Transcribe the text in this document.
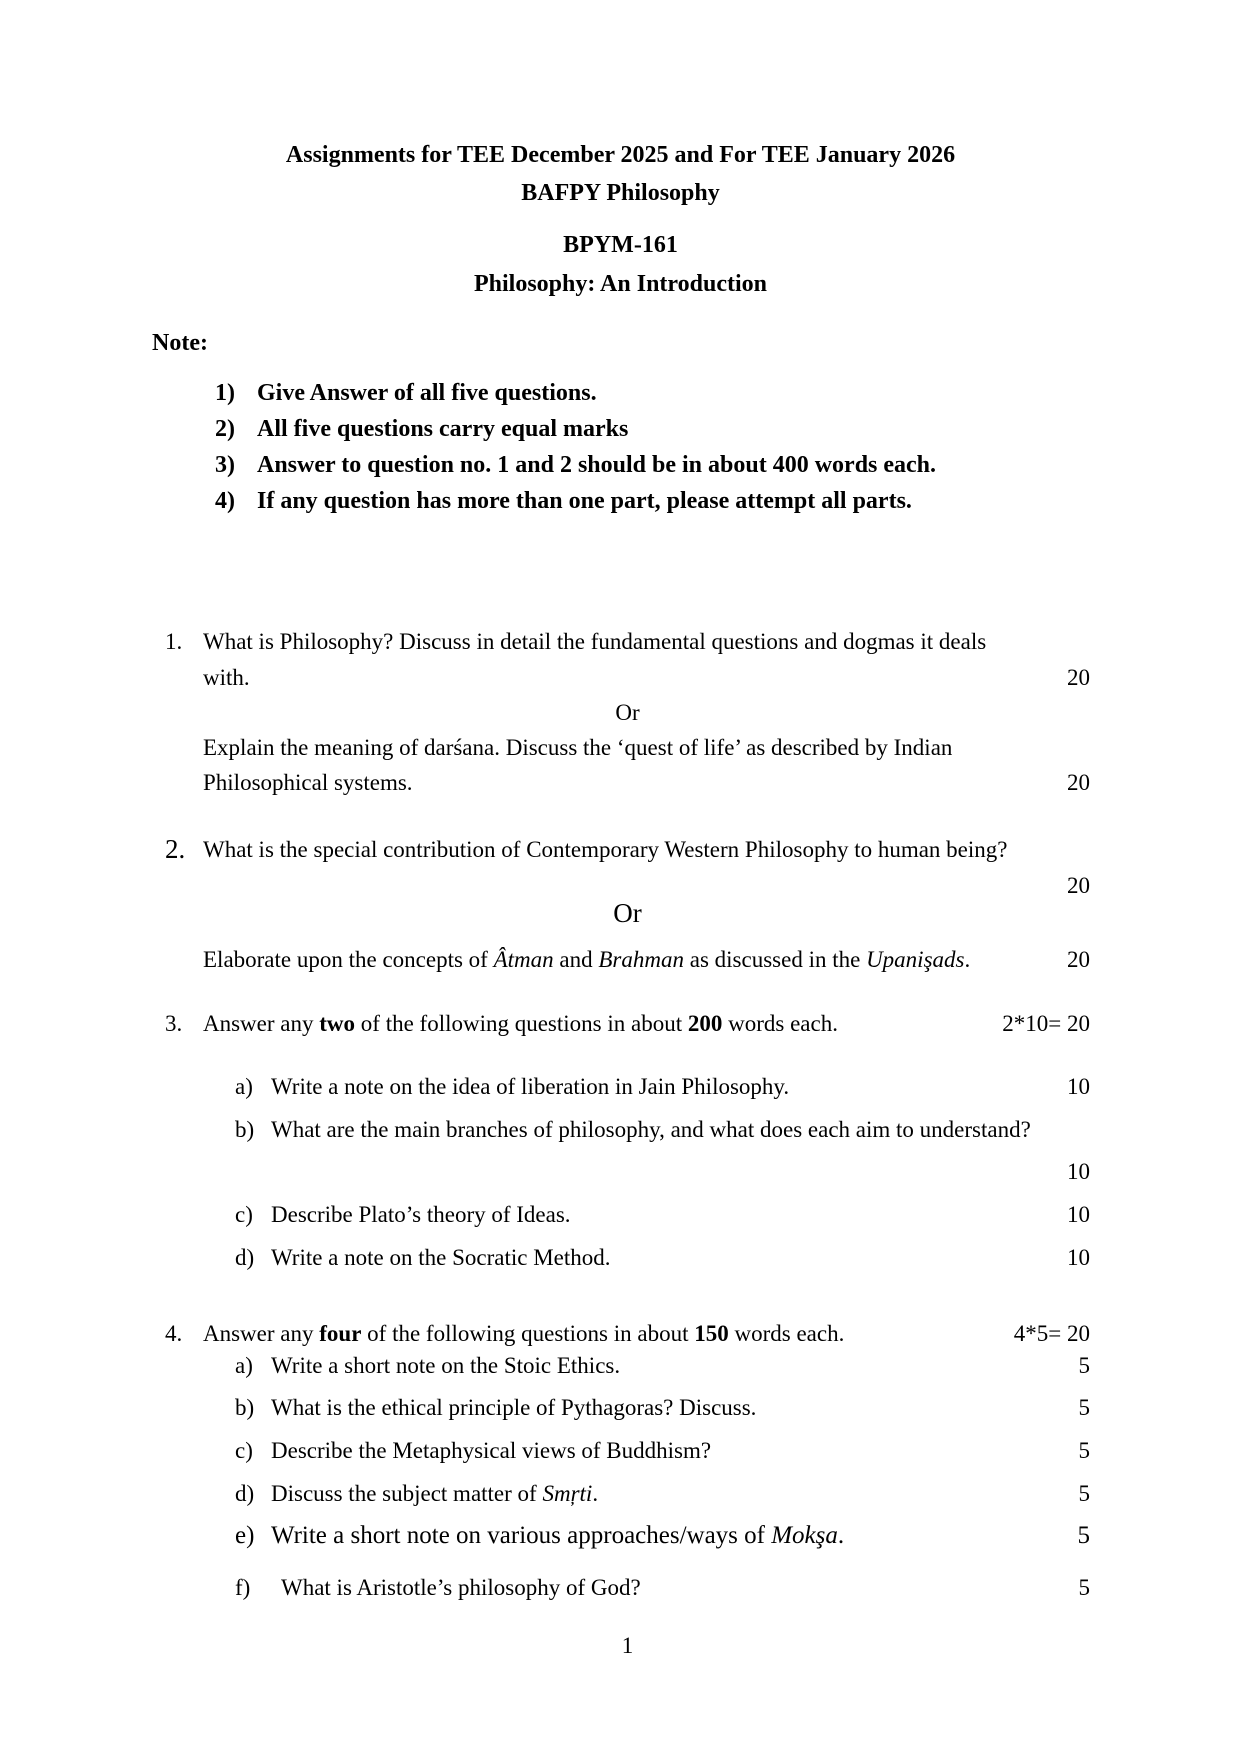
Assignments for TEE December 2025 and For TEE January 2026
BAFPY Philosophy
BPYM-161
Philosophy: An Introduction
Note:
1) Give Answer of all five questions.
2) All five questions carry equal marks
3) Answer to question no. 1 and 2 should be in about 400 words each.
4) If any question has more than one part, please attempt all parts.
1. What is Philosophy? Discuss in detail the fundamental questions and dogmas it deals
with.	20
Or
Explain the meaning of darśana. Discuss the ‘quest of life’ as described by Indian
Philosophical systems.	20
2. What is the special contribution of Contemporary Western Philosophy to human being?
20
Or
Elaborate upon the concepts of Âtman and Brahman as discussed in the Upanişads.	20
3. Answer any two of the following questions in about 200 words each.	2*10= 20
a) Write a note on the idea of liberation in Jain Philosophy.	10
b) What are the main branches of philosophy, and what does each aim to understand?
10
c) Describe Plato’s theory of Ideas.	10
d) Write a note on the Socratic Method.	10
4. Answer any four of the following questions in about 150 words each.	4*5= 20
a) Write a short note on the Stoic Ethics.	5
b) What is the ethical principle of Pythagoras? Discuss.	5
c) Describe the Metaphysical views of Buddhism?	5
d) Discuss the subject matter of Smŗti.	5
e) Write a short note on various approaches/ways of Mokşa.	5
f)	What is Aristotle’s philosophy of God?	5
1
